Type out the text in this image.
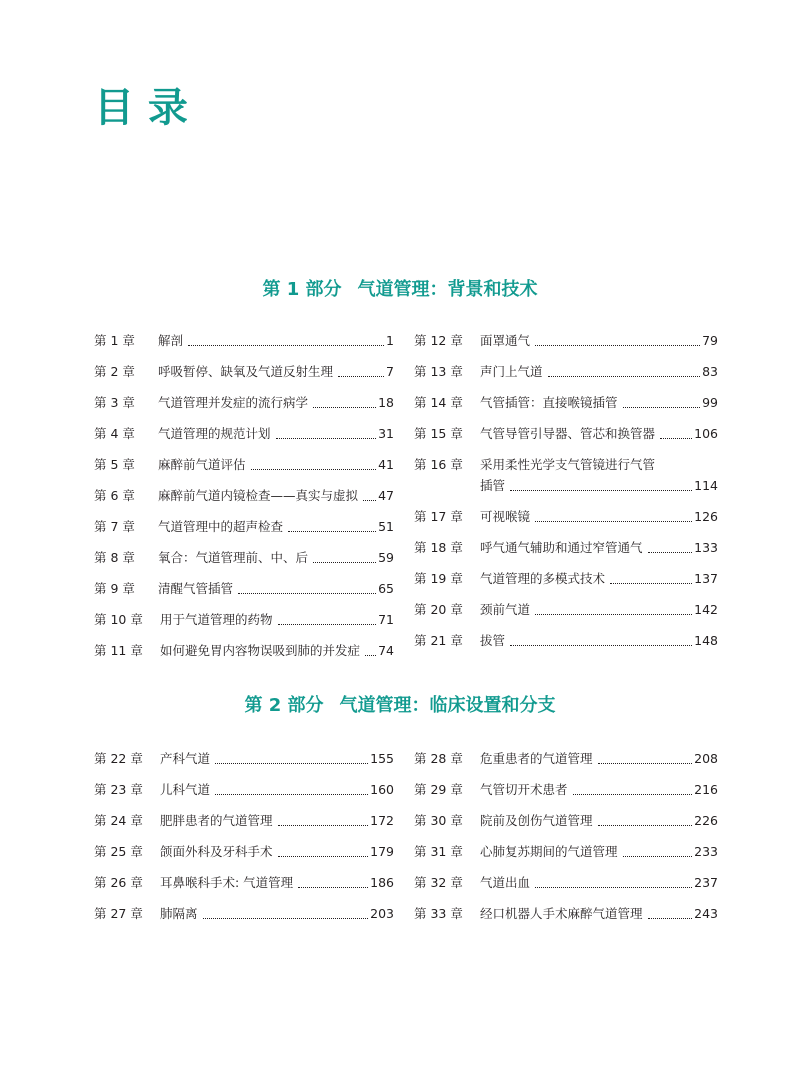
目 录
第 1 部分 气道管理：背景和技术
第 1 章	解剖	1
第 2 章	呼吸暂停、缺氧及气道反射生理	7
第 3 章	气道管理并发症的流行病学	18
第 4 章	气道管理的规范计划	31
第 5 章	麻醉前气道评估	41
第 6 章	麻醉前气道内镜检查——真实与虚拟 47
第 7 章	气道管理中的超声检查	51
第 8 章	氧合：气道管理前、中、后	59
第 9 章	清醒气管插管	65
第 10 章	用于气道管理的药物	71
第 11 章	如何避免胃内容物误吸到肺的并发症 74
第 12 章	面罩通气	79
第 13 章	声门上气道	83
第 14 章	气管插管：直接喉镜插管	99
第 15 章	气管导管引导器、管芯和换管器	106
第 16 章	采用柔性光学支气管镜进行气管
插管	114
第 17 章	可视喉镜	126
第 18 章	呼气通气辅助和通过窄管通气	133
第 19 章	气道管理的多模式技术	137
第 20 章	颈前气道	142
第 21 章	拔管	148
第 2 部分 气道管理：临床设置和分支
第 22 章	产科气道	155
第 23 章	儿科气道	160
第 24 章	肥胖患者的气道管理	172
第 25 章	颌面外科及牙科手术	179
第 26 章	耳鼻喉科手术: 气道管理	186
第 27 章	肺隔离	203
第 28 章	危重患者的气道管理	208
第 29 章	气管切开术患者	216
第 30 章	院前及创伤气道管理	226
第 31 章	心肺复苏期间的气道管理	233
第 32 章	气道出血	237
第 33 章	经口机器人手术麻醉气道管理	243
